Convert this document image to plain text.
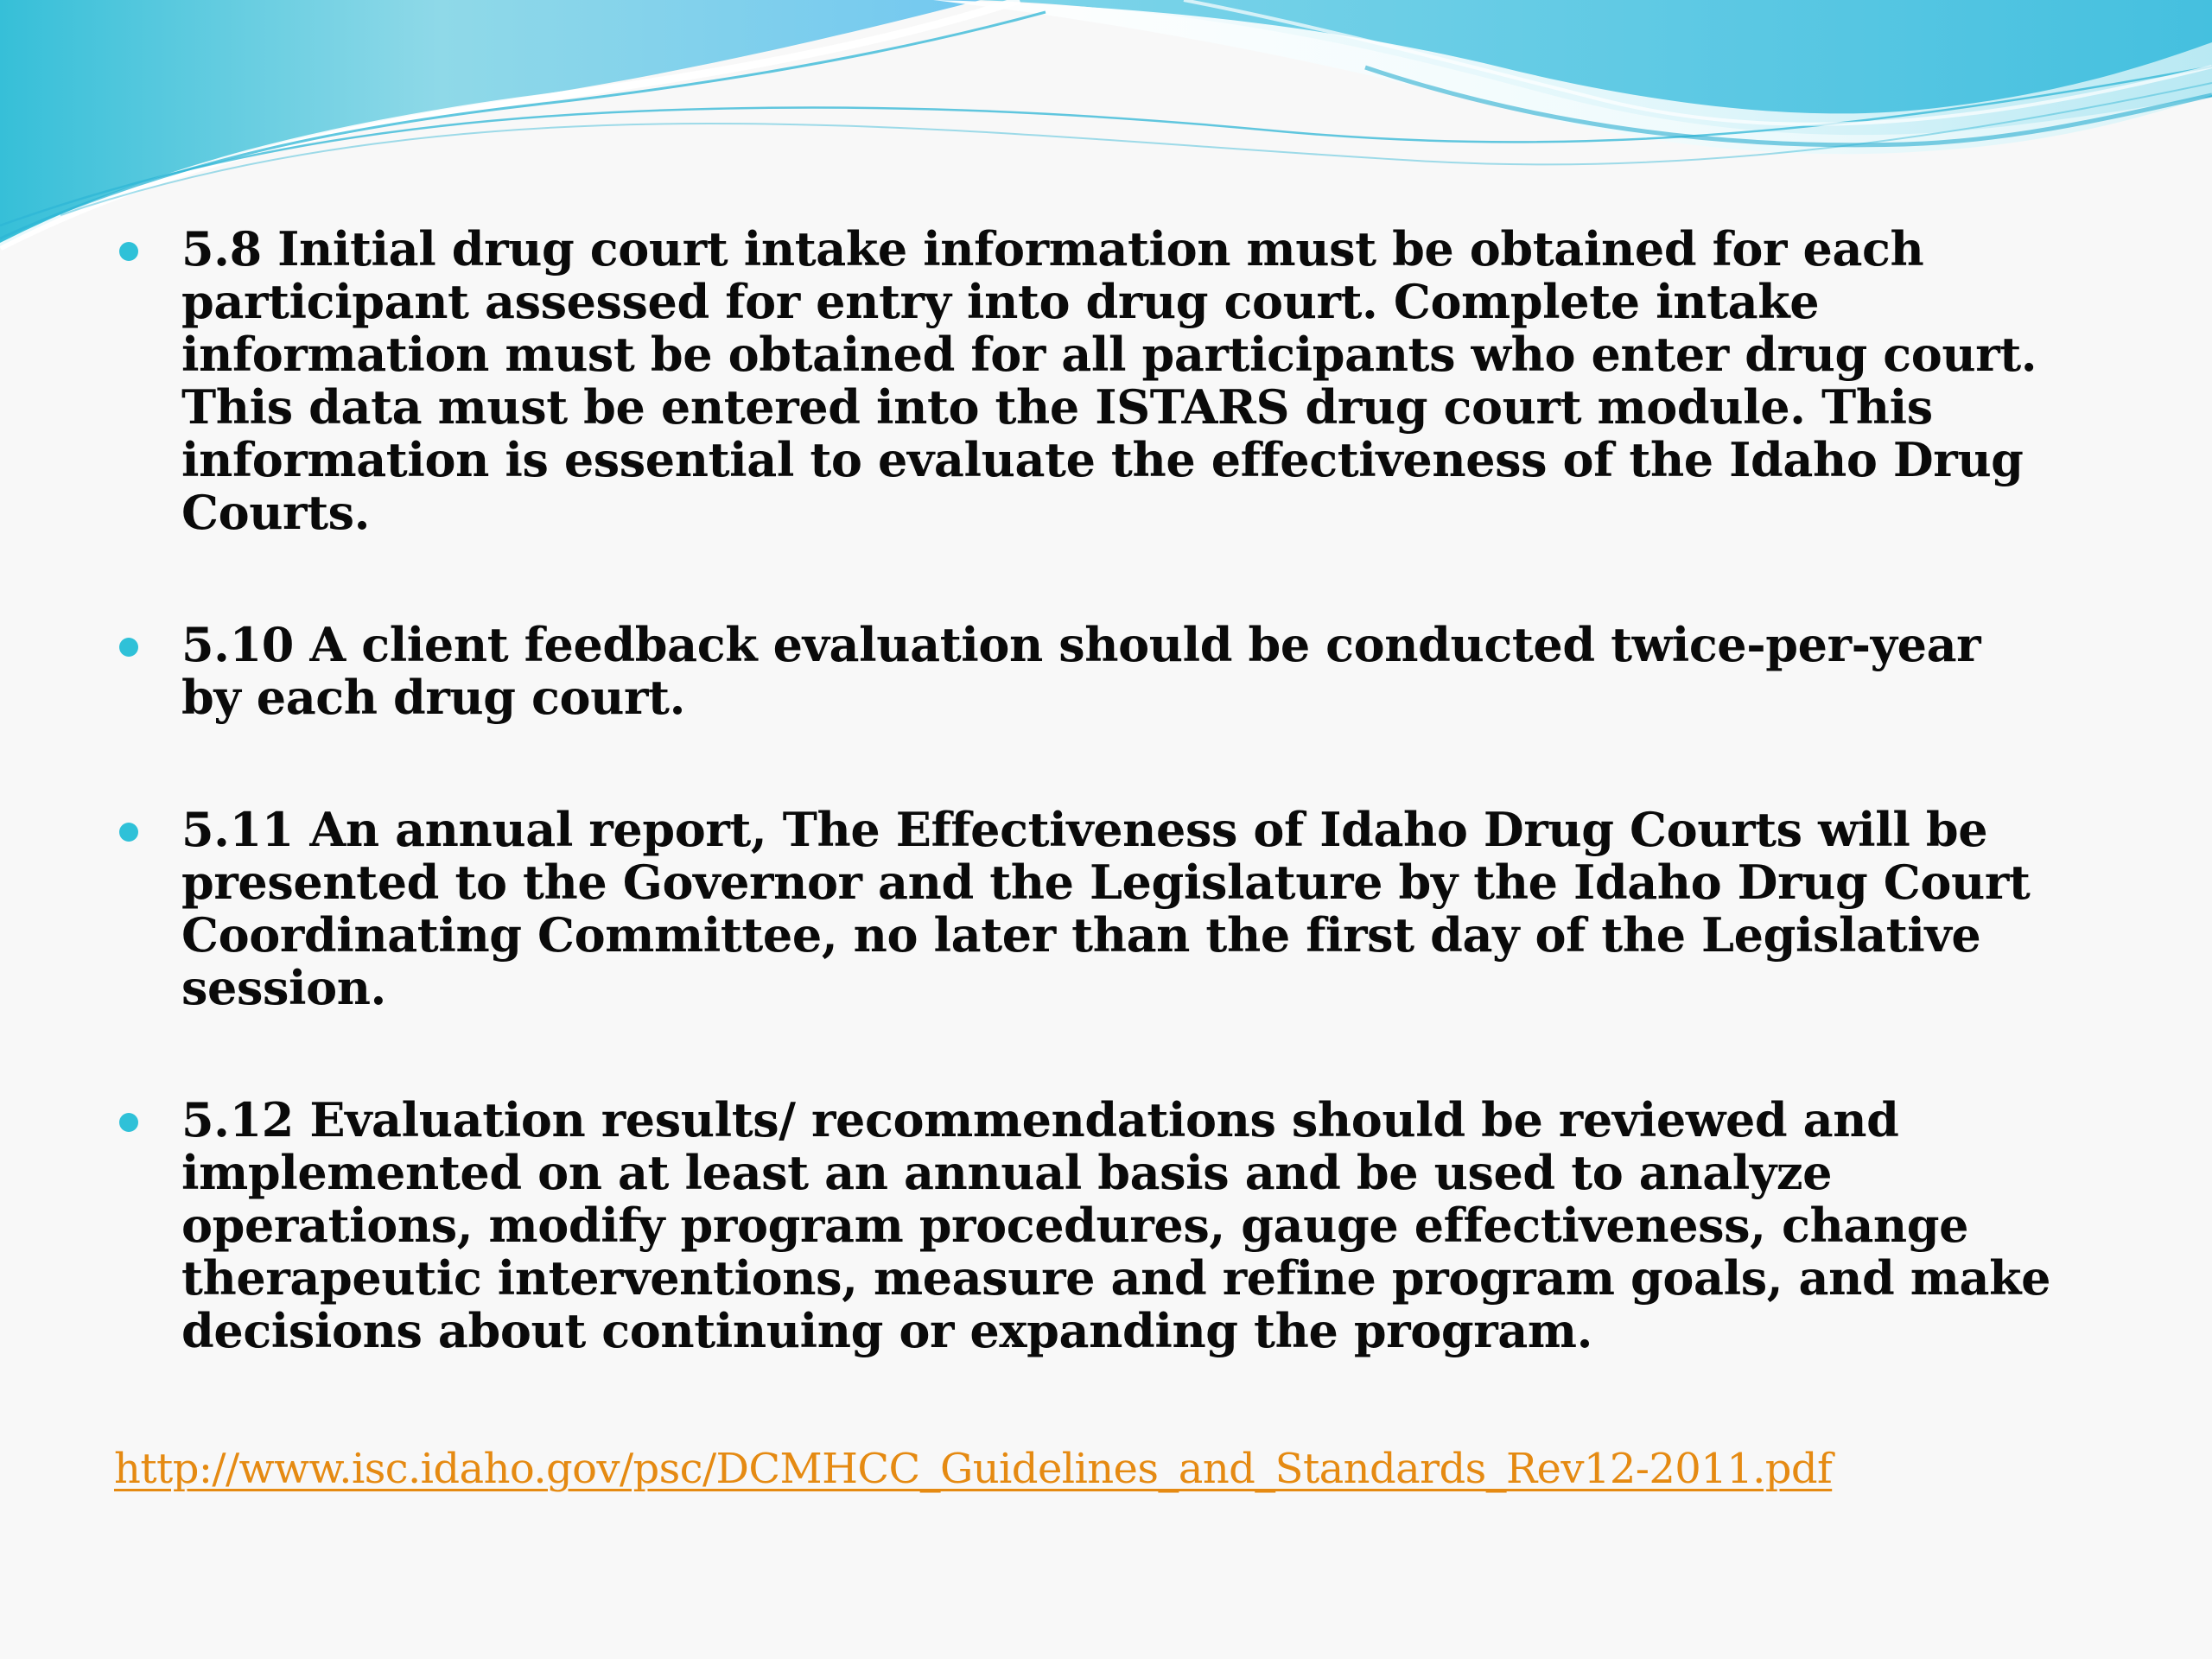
5.8 Initial drug court intake information must be obtained for each participant assessed for entry into drug court. Complete intake information must be obtained for all participants who enter drug court. This data must be entered into the ISTARS drug court module. This information is essential to evaluate the effectiveness of the Idaho Drug Courts.
5.10 A client feedback evaluation should be conducted twice-per-year by each drug court.
5.11 An annual report, The Effectiveness of Idaho Drug Courts will be presented to the Governor and the Legislature by the Idaho Drug Court Coordinating Committee, no later than the first day of the Legislative session.
5.12 Evaluation results/ recommendations should be reviewed and implemented on at least an annual basis and be used to analyze operations, modify program procedures, gauge effectiveness, change therapeutic interventions, measure and refine program goals, and make decisions about continuing or expanding the program.
http://www.isc.idaho.gov/psc/DCMHCC_Guidelines_and_Standards_Rev12-2011.pdf
